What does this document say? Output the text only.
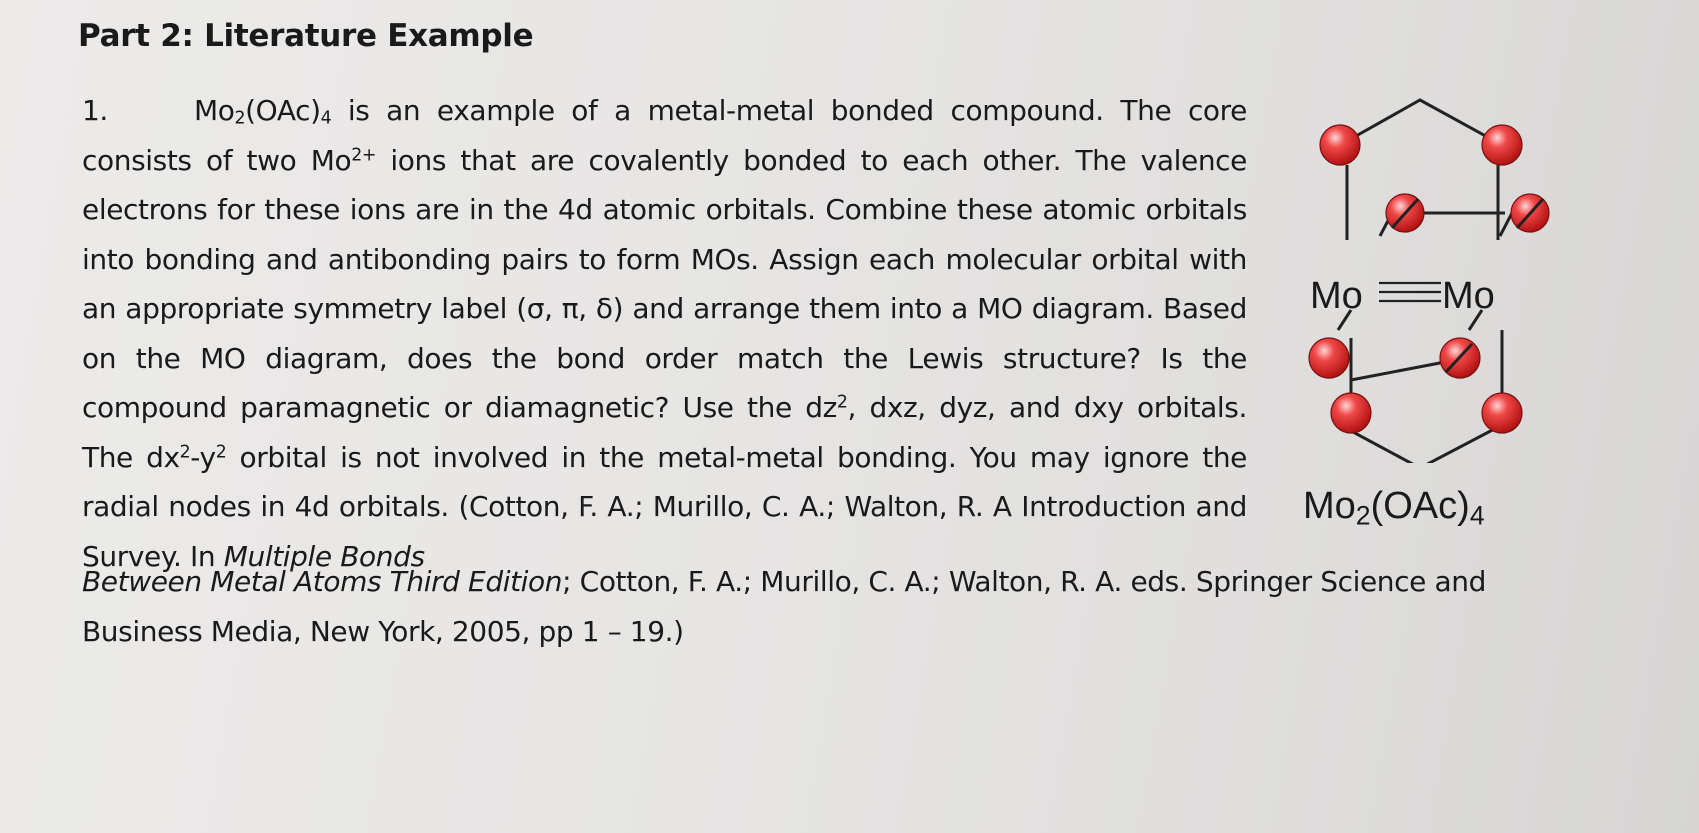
Part 2: Literature Example

1.	$Mo_2(OAc)_4$ is an example of a metal-metal bonded compound. The core consists of two $Mo^{2+}$ ions that are covalently bonded to each other. The valence electrons for these ions are in the 4d atomic orbitals. Combine these atomic orbitals into bonding and antibonding pairs to form MOs. Assign each molecular orbital with an appropriate symmetry label (σ, π, δ) and arrange them into a MO diagram. Based on the MO diagram, does the bond order match the Lewis structure? Is the compound paramagnetic or diamagnetic? Use the $dz^2$, dxz, dyz, and dxy orbitals. The $dx^2-y^2$ orbital is not involved in the metal-metal bonding. You may ignore the radial nodes in 4d orbitals. (Cotton, F. A.; Murillo, C. A.; Walton, R. A Introduction and Survey. In Multiple Bonds

Between Metal Atoms Third Edition; Cotton, F. A.; Murillo, C. A.; Walton, R. A. eds. Springer Science and

Business Media, New York, 2005, pp 1 – 19.)

Mo Mo
$Mo_2(OAc)_4$
